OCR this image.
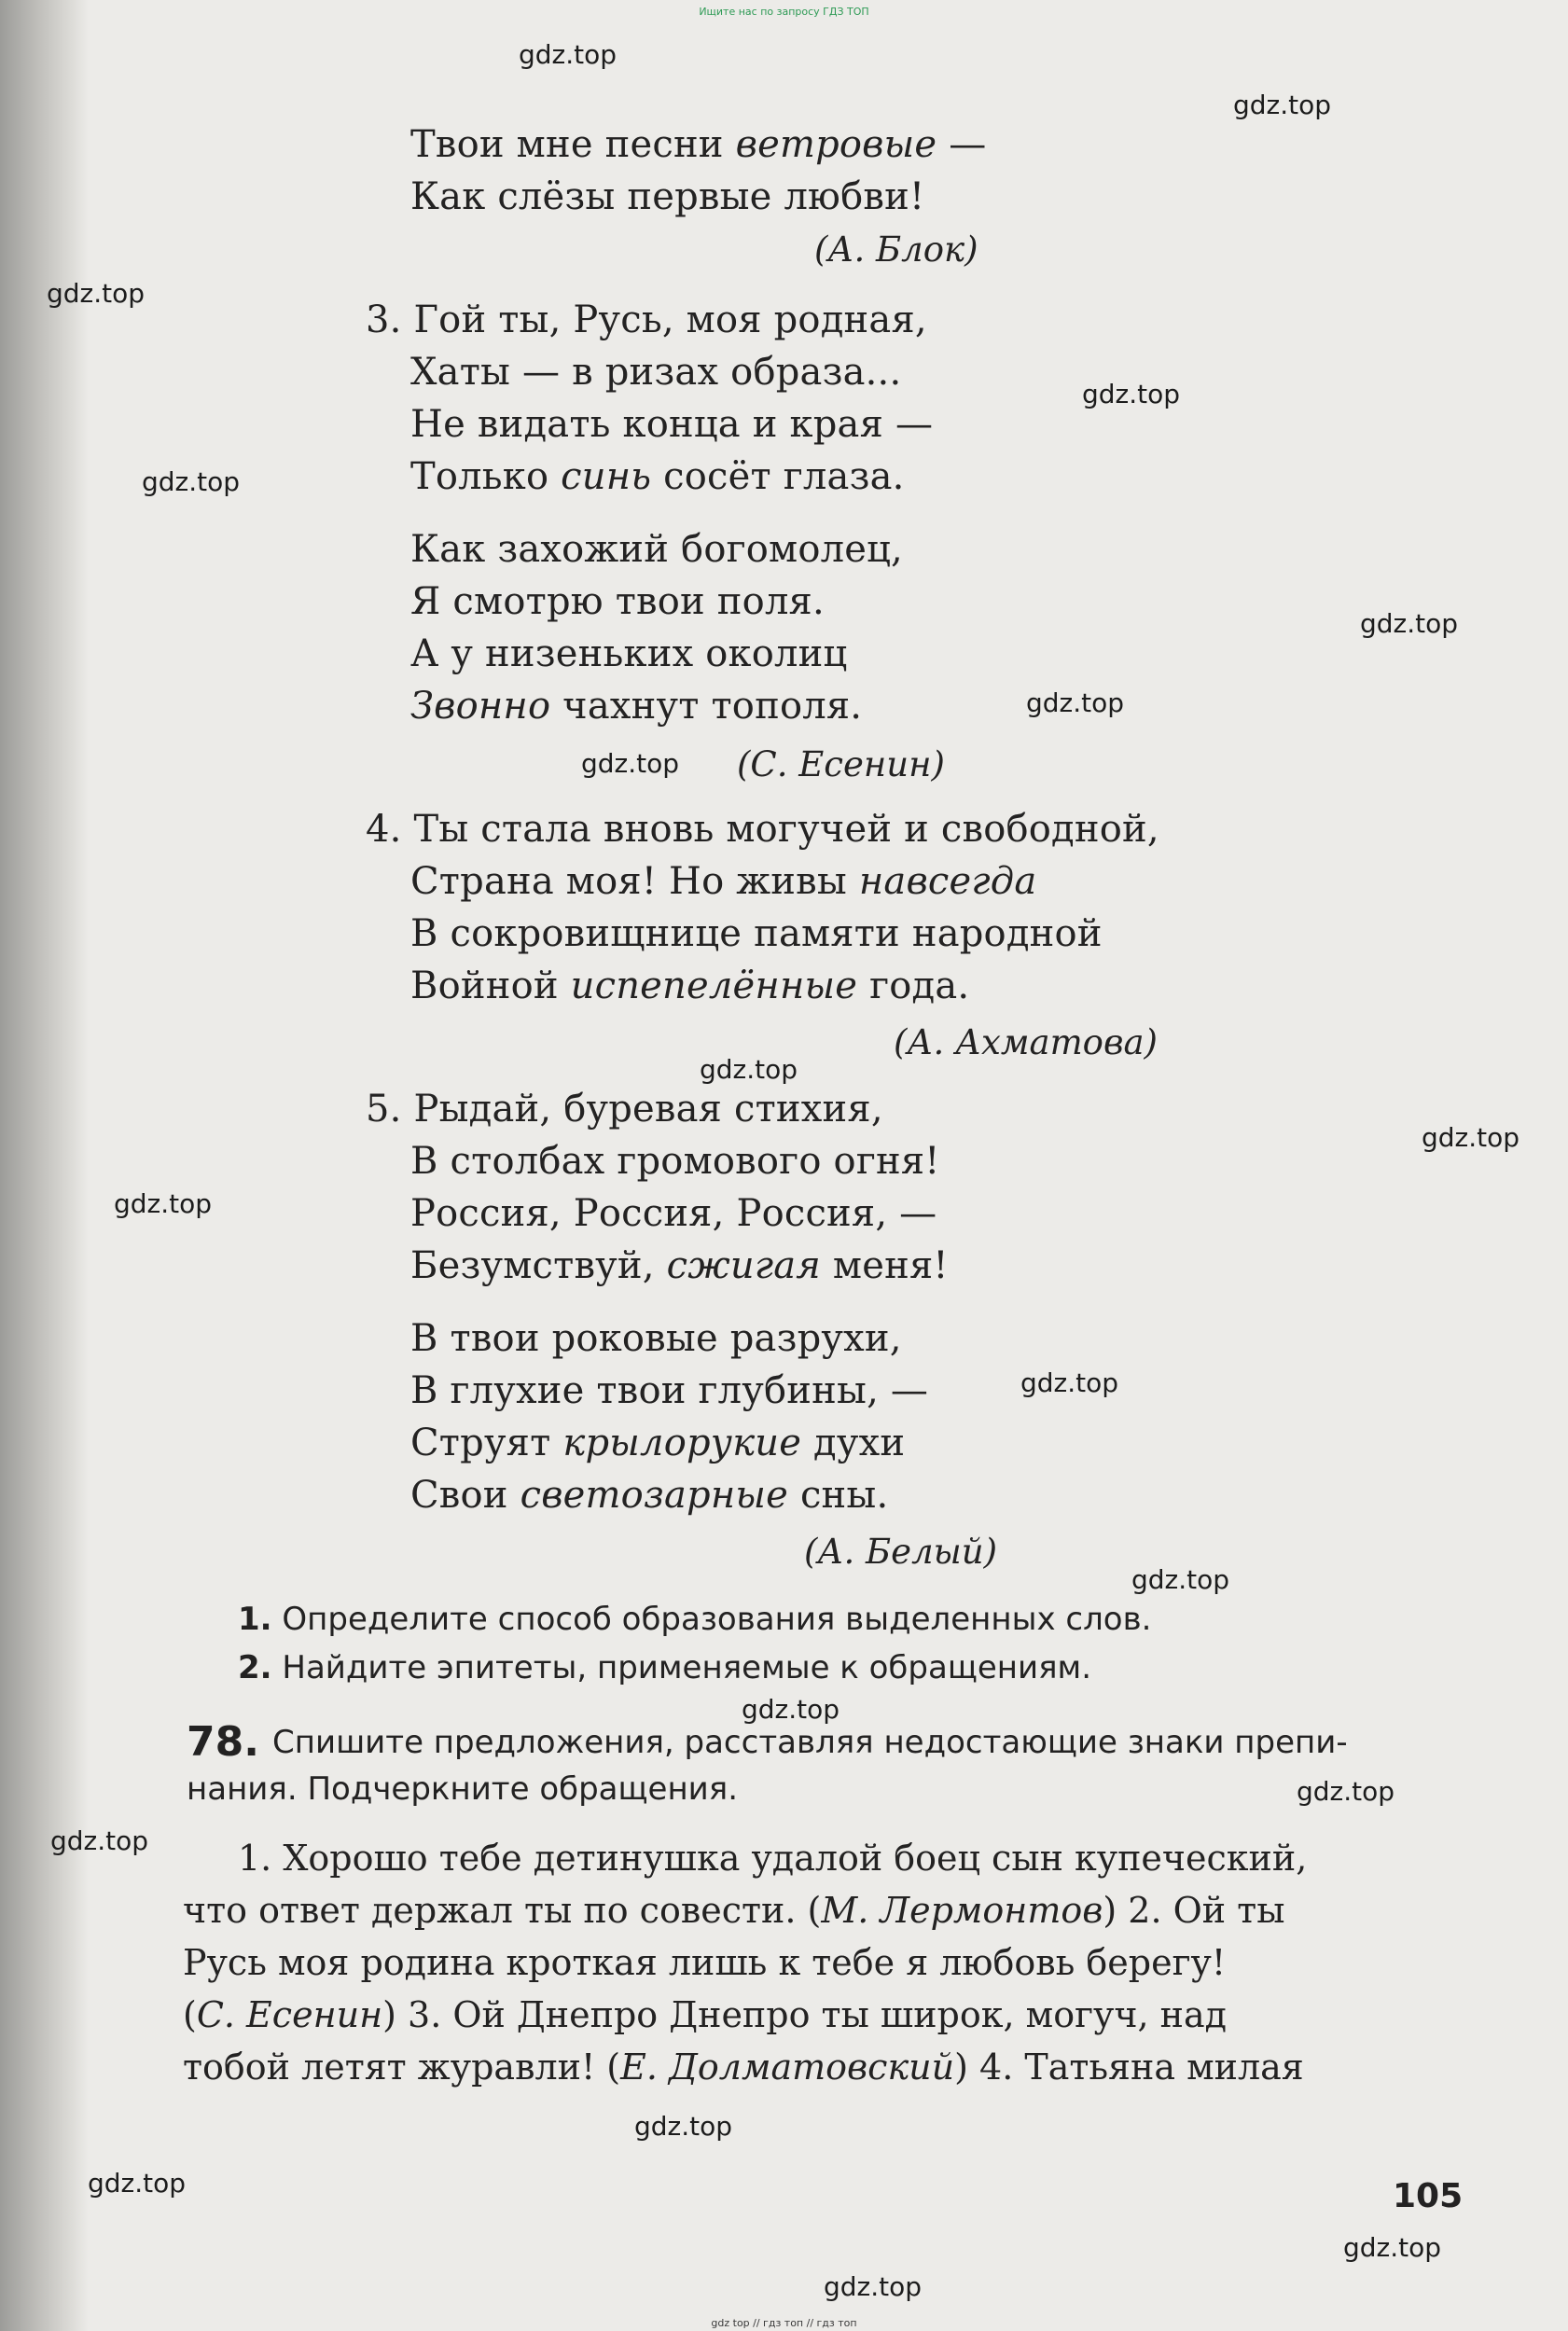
Ищите нас по запросу ГДЗ ТОП
gdz.top
gdz.top
gdz.top
gdz.top
gdz.top
gdz.top
gdz.top
gdz.top
gdz.top
gdz.top
gdz.top
gdz.top
gdz.top
gdz.top
gdz.top
gdz.top
gdz.top
gdz.top
gdz.top
gdz.top
Твои мне песни ветровые —
Как слёзы первые любви!
(А. Блок)
3. Гой ты, Русь, моя родная,
Хаты — в ризах образа...
Не видать конца и края —
Только синь сосёт глаза.
Как захожий богомолец,
Я смотрю твои поля.
А у низеньких околиц
Звонно чахнут тополя.
(С. Есенин)
4. Ты стала вновь могучей и свободной,
Страна моя! Но живы навсегда
В сокровищнице памяти народной
Войной испепелённые года.
(А. Ахматова)
5. Рыдай, буревая стихия,
В столбах громового огня!
Россия, Россия, Россия, —
Безумствуй, сжигая меня!
В твои роковые разрухи,
В глухие твои глубины, —
Струят крылорукие духи
Свои светозарные сны.
(А. Белый)
1. Определите способ образования выделенных слов.
2. Найдите эпитеты, применяемые к обращениям.
78. Спишите предложения, расставляя недостающие знаки препи-
нания. Подчеркните обращения.
1. Хорошо тебе детинушка удалой боец сын купеческий,
что ответ держал ты по совести. (М. Лермонтов) 2. Ой ты
Русь моя родина кроткая лишь к тебе я любовь берегу!
(С. Есенин) 3. Ой Днепро Днепро ты широк, могуч, над
тобой летят журавли! (Е. Долматовский) 4. Татьяна милая
105
gdz top // гдз топ // гдз топ
